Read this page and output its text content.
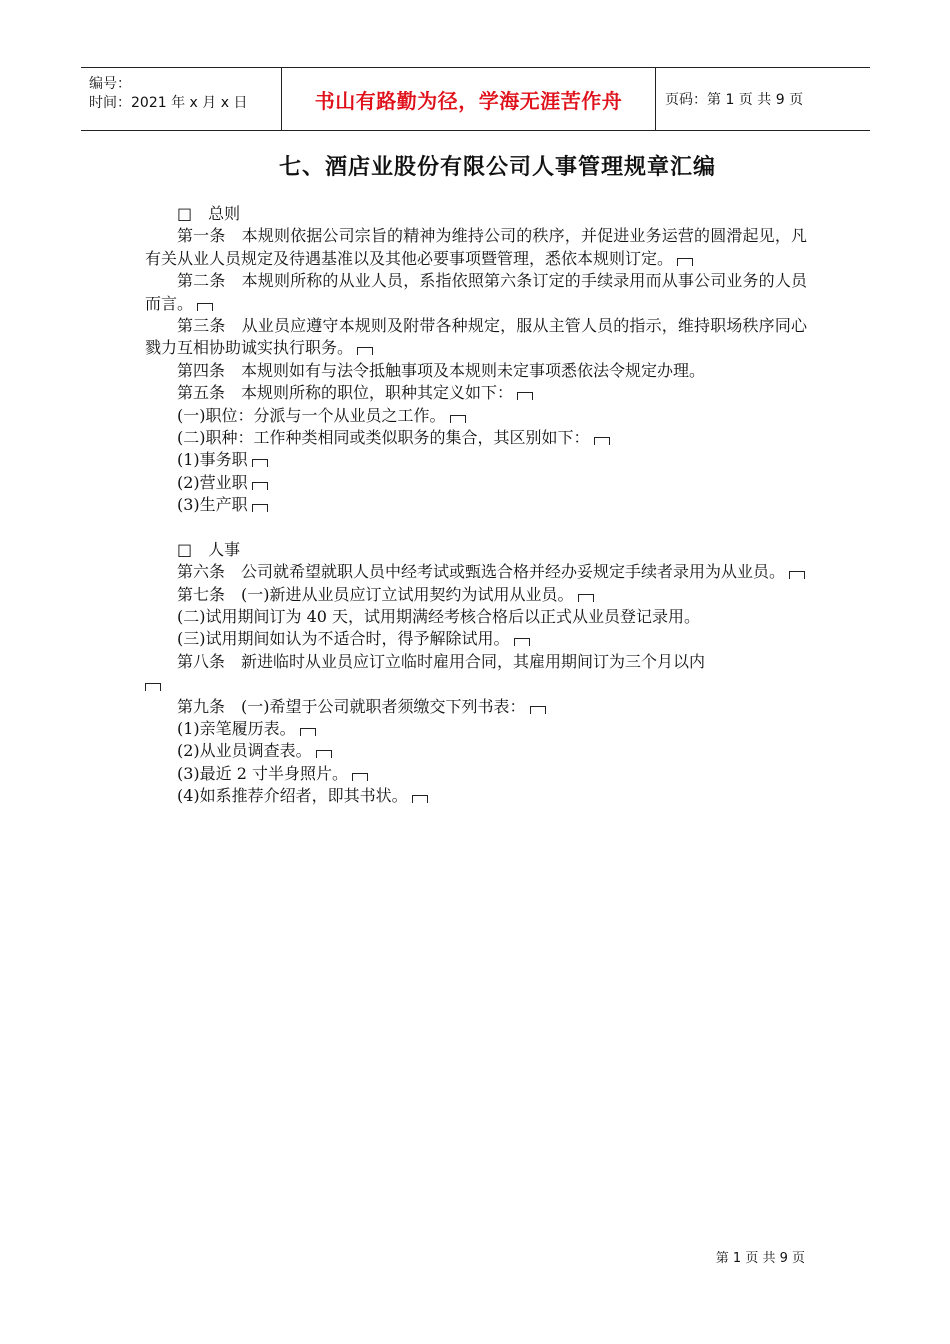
编号：
时间：2021 年 x 月 x 日	书山有路勤为径，学海无涯苦作舟	页码：第 1 页 共 9 页
七、酒店业股份有限公司人事管理规章汇编

□　 总则

第一条　本规则依据公司宗旨的精神为维持公司的秩序，并促进业务运营的圆滑起见，凡有关从业人员规定及待遇基准以及其他必要事项暨管理，悉依本规则订定。

第二条　本规则所称的从业人员，系指依照第六条订定的手续录用而从事公司业务的人员而言。

第三条　从业员应遵守本规则及附带各种规定，服从主管人员的指示，维持职场秩序同心戮力互相协助诚实执行职务。

第四条　本规则如有与法令抵触事项及本规则未定事项悉依法令规定办理。

第五条　本规则所称的职位，职种其定义如下：

(一)职位：分派与一个从业员之工作。

(二)职种：工作种类相同或类似职务的集合，其区别如下：

(1)事务职

(2)营业职

(3)生产职

□　 人事

第六条　公司就希望就职人员中经考试或甄选合格并经办妥规定手续者录用为从业员。

第七条　(一)新进从业员应订立试用契约为试用从业员。

(二)试用期间订为 40 天，试用期满经考核合格后以正式从业员登记录用。

(三)试用期间如认为不适合时，得予解除试用。

第八条　新进临时从业员应订立临时雇用合同，其雇用期间订为三个月以内

第九条　(一)希望于公司就职者须缴交下列书表：

(1)亲笔履历表。

(2)从业员调查表。

(3)最近 2 寸半身照片。

(4)如系推荐介绍者，即其书状。

第 1 页 共 9 页
